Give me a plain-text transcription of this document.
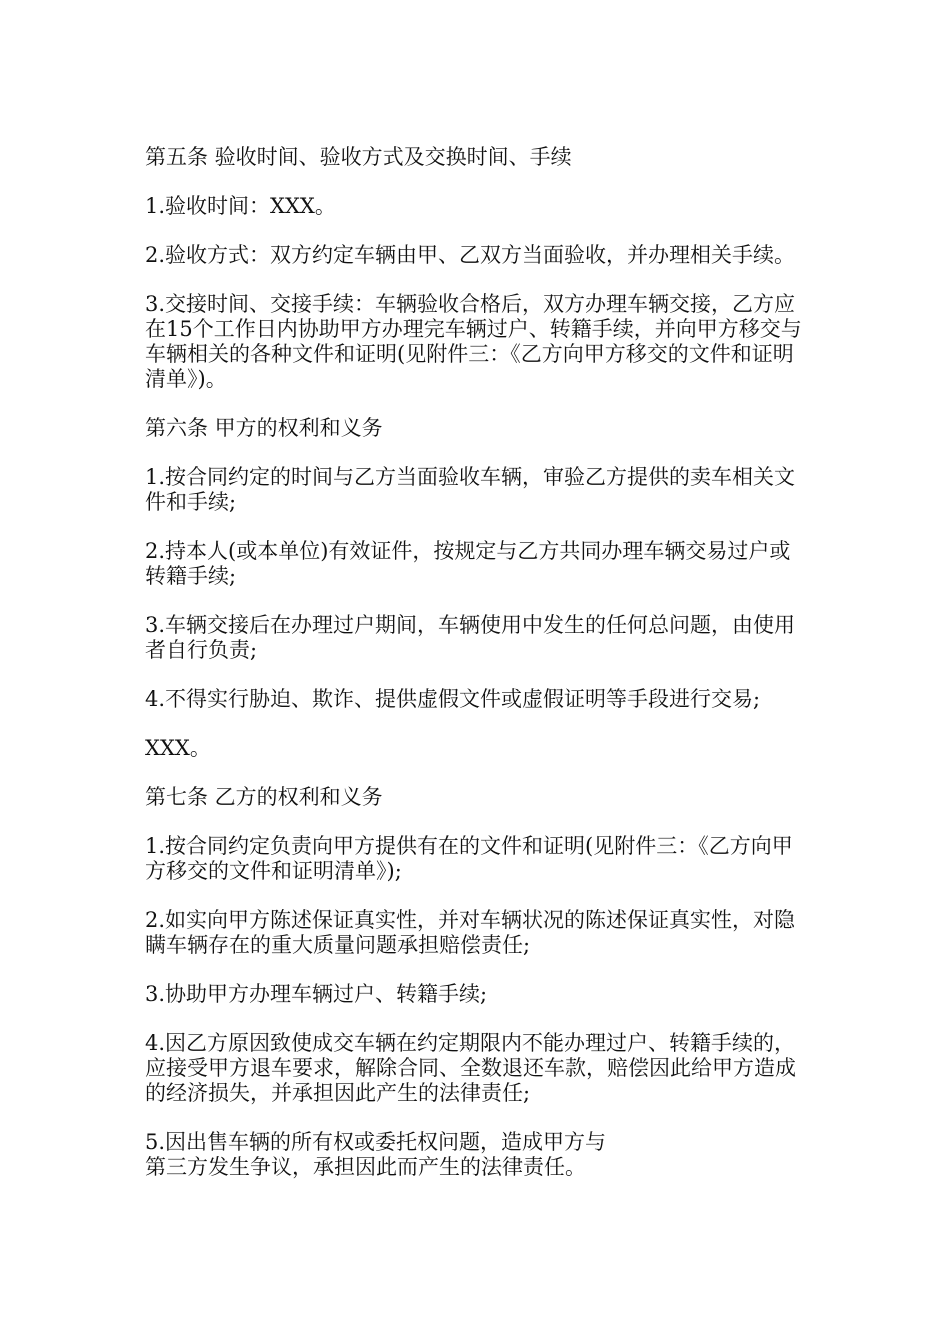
第五条 验收时间、验收方式及交换时间、手续

1.验收时间：XXX。

2.验收方式：双方约定车辆由甲、乙双方当面验收，并办理相关手续。

3.交接时间、交接手续：车辆验收合格后，双方办理车辆交接，乙方应在15个工作日内协助甲方办理完车辆过户、转籍手续，并向甲方移交与车辆相关的各种文件和证明(见附件三：《乙方向甲方移交的文件和证明清单》)。

第六条 甲方的权利和义务

1.按合同约定的时间与乙方当面验收车辆，审验乙方提供的卖车相关文件和手续;

2.持本人(或本单位)有效证件，按规定与乙方共同办理车辆交易过户或转籍手续;

3.车辆交接后在办理过户期间，车辆使用中发生的任何总问题，由使用者自行负责;

4.不得实行胁迫、欺诈、提供虚假文件或虚假证明等手段进行交易;

XXX。

第七条 乙方的权利和义务

1.按合同约定负责向甲方提供有在的文件和证明(见附件三：《乙方向甲方移交的文件和证明清单》);

2.如实向甲方陈述保证真实性，并对车辆状况的陈述保证真实性，对隐瞒车辆存在的重大质量问题承担赔偿责任;

3.协助甲方办理车辆过户、转籍手续;

4.因乙方原因致使成交车辆在约定期限内不能办理过户、转籍手续的，应接受甲方退车要求，解除合同、全数退还车款，赔偿因此给甲方造成的经济损失，并承担因此产生的法律责任;

5.因出售车辆的所有权或委托权问题，造成甲方与
第三方发生争议，承担因此而产生的法律责任。
